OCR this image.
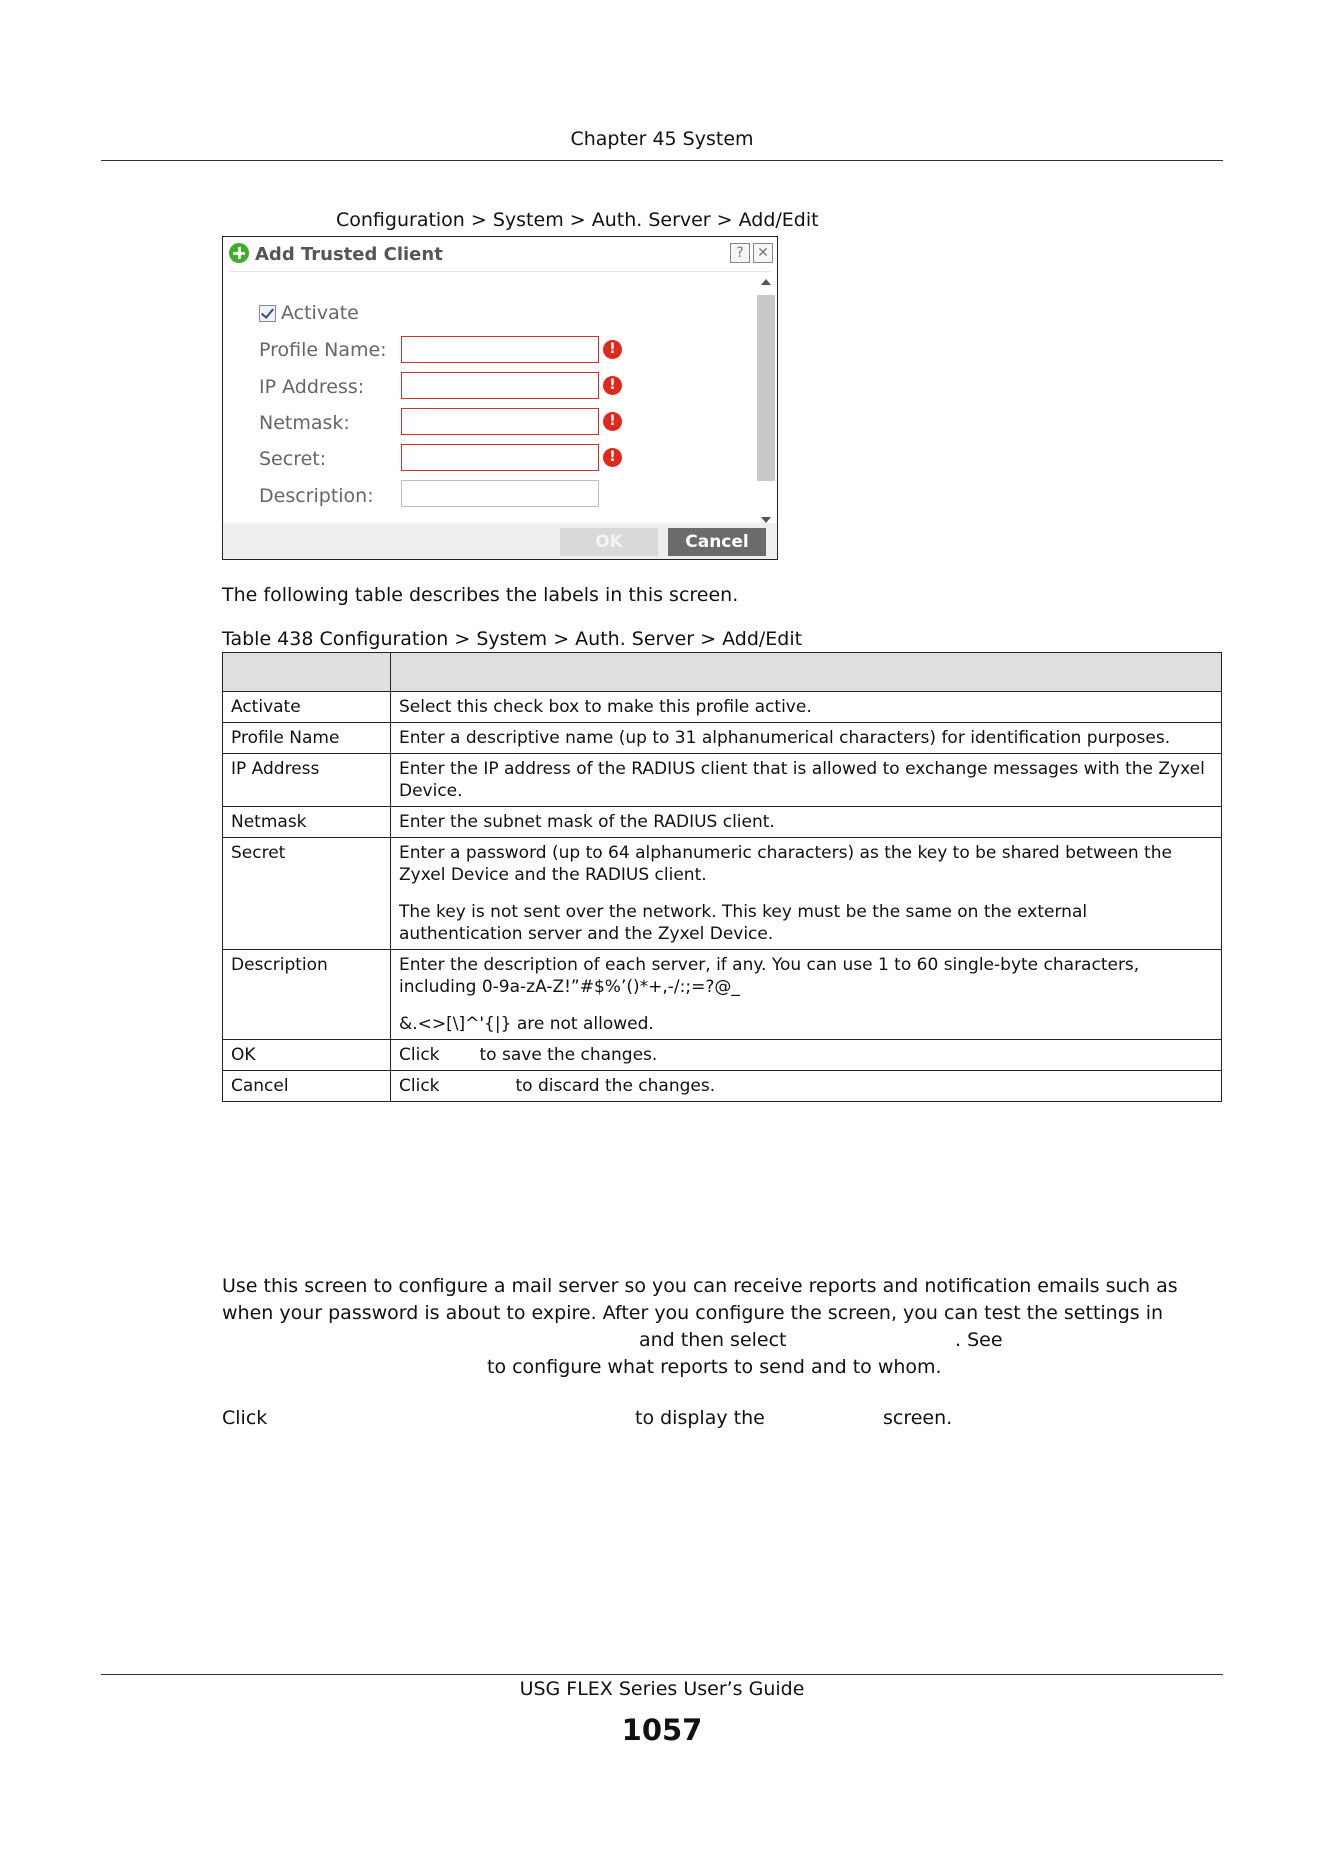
Chapter 45 System
Configuration > System > Auth. Server > Add/Edit
Add Trusted Client	? ✕
Activate
Profile Name:	!
IP Address:	!
Netmask:	!
Secret:	!
Description:
OK	Cancel
The following table describes the labels in this screen.
Table 438 Configuration > System > Auth. Server > Add/Edit

Activate	Select this check box to make this profile active.

Profile Name	Enter a descriptive name (up to 31 alphanumerical characters) for identification purposes.

IP Address	Enter the IP address of the RADIUS client that is allowed to exchange messages with the Zyxel Device.

Netmask	Enter the subnet mask of the RADIUS client.

Secret	Enter a password (up to 64 alphanumeric characters) as the key to be shared between the Zyxel Device and the RADIUS client.

The key is not sent over the network. This key must be the same on the external authentication server and the Zyxel Device.

Description	Enter the description of each server, if any. You can use 1 to 60 single-byte characters, including 0-9a-zA-Z!”#$%’()*+,-/:;=?@_

&.<>[\]^'{|} are not allowed.

OK	Click to save the changes.

Cancel	Click to discard the changes.

Use this screen to configure a mail server so you can receive reports and notification emails such as
when your password is about to expire. After you configure the screen, you can test the settings in
and then select	. See
to configure what reports to send and to whom.
Click	to display the	screen.
USG FLEX Series User’s Guide
1057
